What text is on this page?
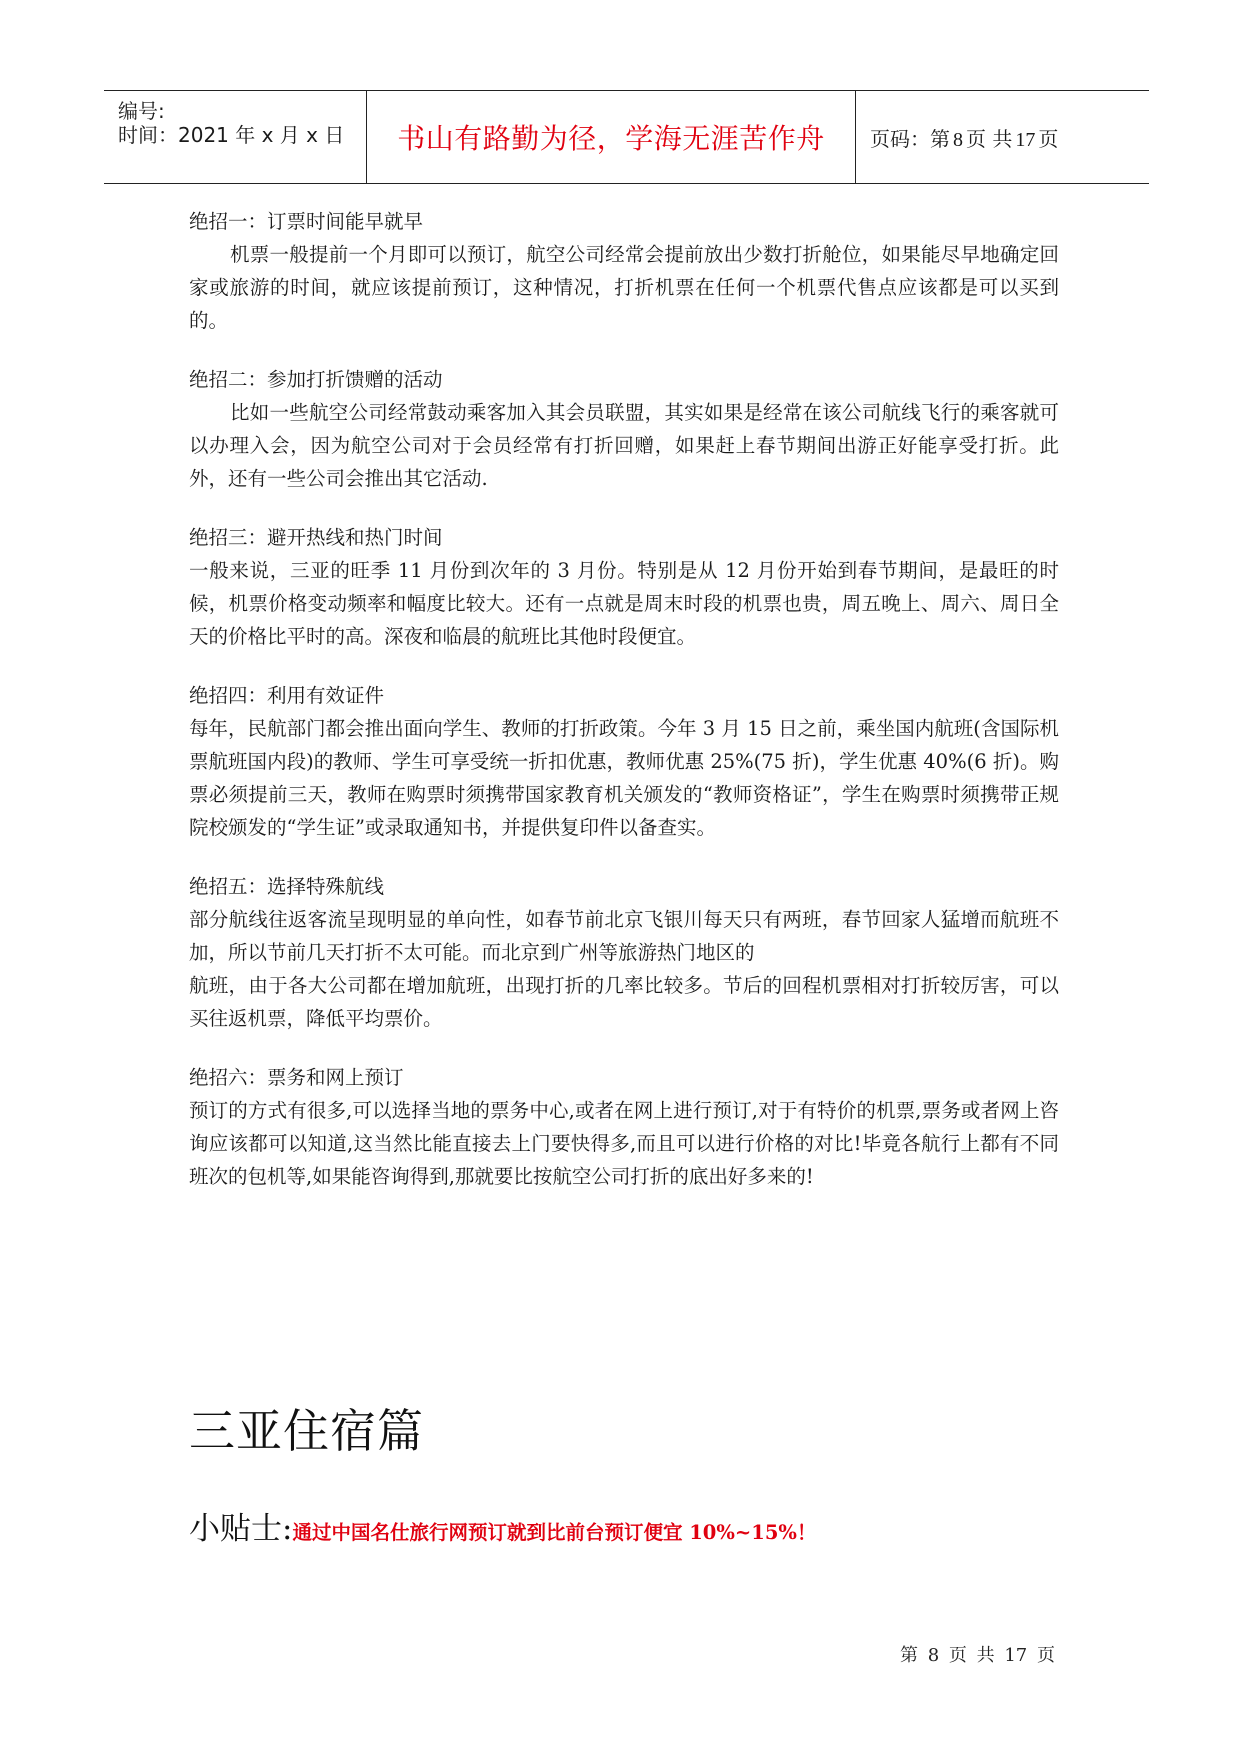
编号:
时间：2021 年 x 月 x 日 书山有路勤为径，学海无涯苦作舟 页码：第 8 页 共 17 页
绝招一：订票时间能早就早

机票一般提前一个月即可以预订，航空公司经常会提前放出少数打折舱位，如果能尽早地确定回家或旅游的时间，就应该提前预订，这种情况，打折机票在任何一个机票代售点应该都是可以买到的。

绝招二：参加打折馈赠的活动

比如一些航空公司经常鼓动乘客加入其会员联盟，其实如果是经常在该公司航线飞行的乘客就可以办理入会，因为航空公司对于会员经常有打折回赠，如果赶上春节期间出游正好能享受打折。此外，还有一些公司会推出其它活动.

绝招三：避开热线和热门时间

一般来说，三亚的旺季 11 月份到次年的 3 月份。特别是从 12 月份开始到春节期间，是最旺的时候，机票价格变动频率和幅度比较大。还有一点就是周末时段的机票也贵，周五晚上、周六、周日全天的价格比平时的高。深夜和临晨的航班比其他时段便宜。

绝招四：利用有效证件

每年，民航部门都会推出面向学生、教师的打折政策。今年 3 月 15 日之前，乘坐国内航班(含国际机票航班国内段)的教师、学生可享受统一折扣优惠，教师优惠 25%(75 折)，学生优惠 40%(6 折)。购票必须提前三天，教师在购票时须携带国家教育机关颁发的“教师资格证”，学生在购票时须携带正规院校颁发的“学生证”或录取通知书，并提供复印件以备查实。

绝招五：选择特殊航线

部分航线往返客流呈现明显的单向性，如春节前北京飞银川每天只有两班，春节回家人猛增而航班不加，所以节前几天打折不太可能。而北京到广州等旅游热门地区的

航班，由于各大公司都在增加航班，出现打折的几率比较多。节后的回程机票相对打折较厉害，可以买往返机票，降低平均票价。

绝招六：票务和网上预订

预订的方式有很多,可以选择当地的票务中心,或者在网上进行预订,对于有特价的机票,票务或者网上咨询应该都可以知道,这当然比能直接去上门要快得多,而且可以进行价格的对比!毕竟各航行上都有不同班次的包机等,如果能咨询得到,那就要比按航空公司打折的底出好多来的!

三亚住宿篇
小贴士: 通过中国名仕旅行网预订就到比前台预订便宜 10%~15%！
第 8 页 共 17 页
